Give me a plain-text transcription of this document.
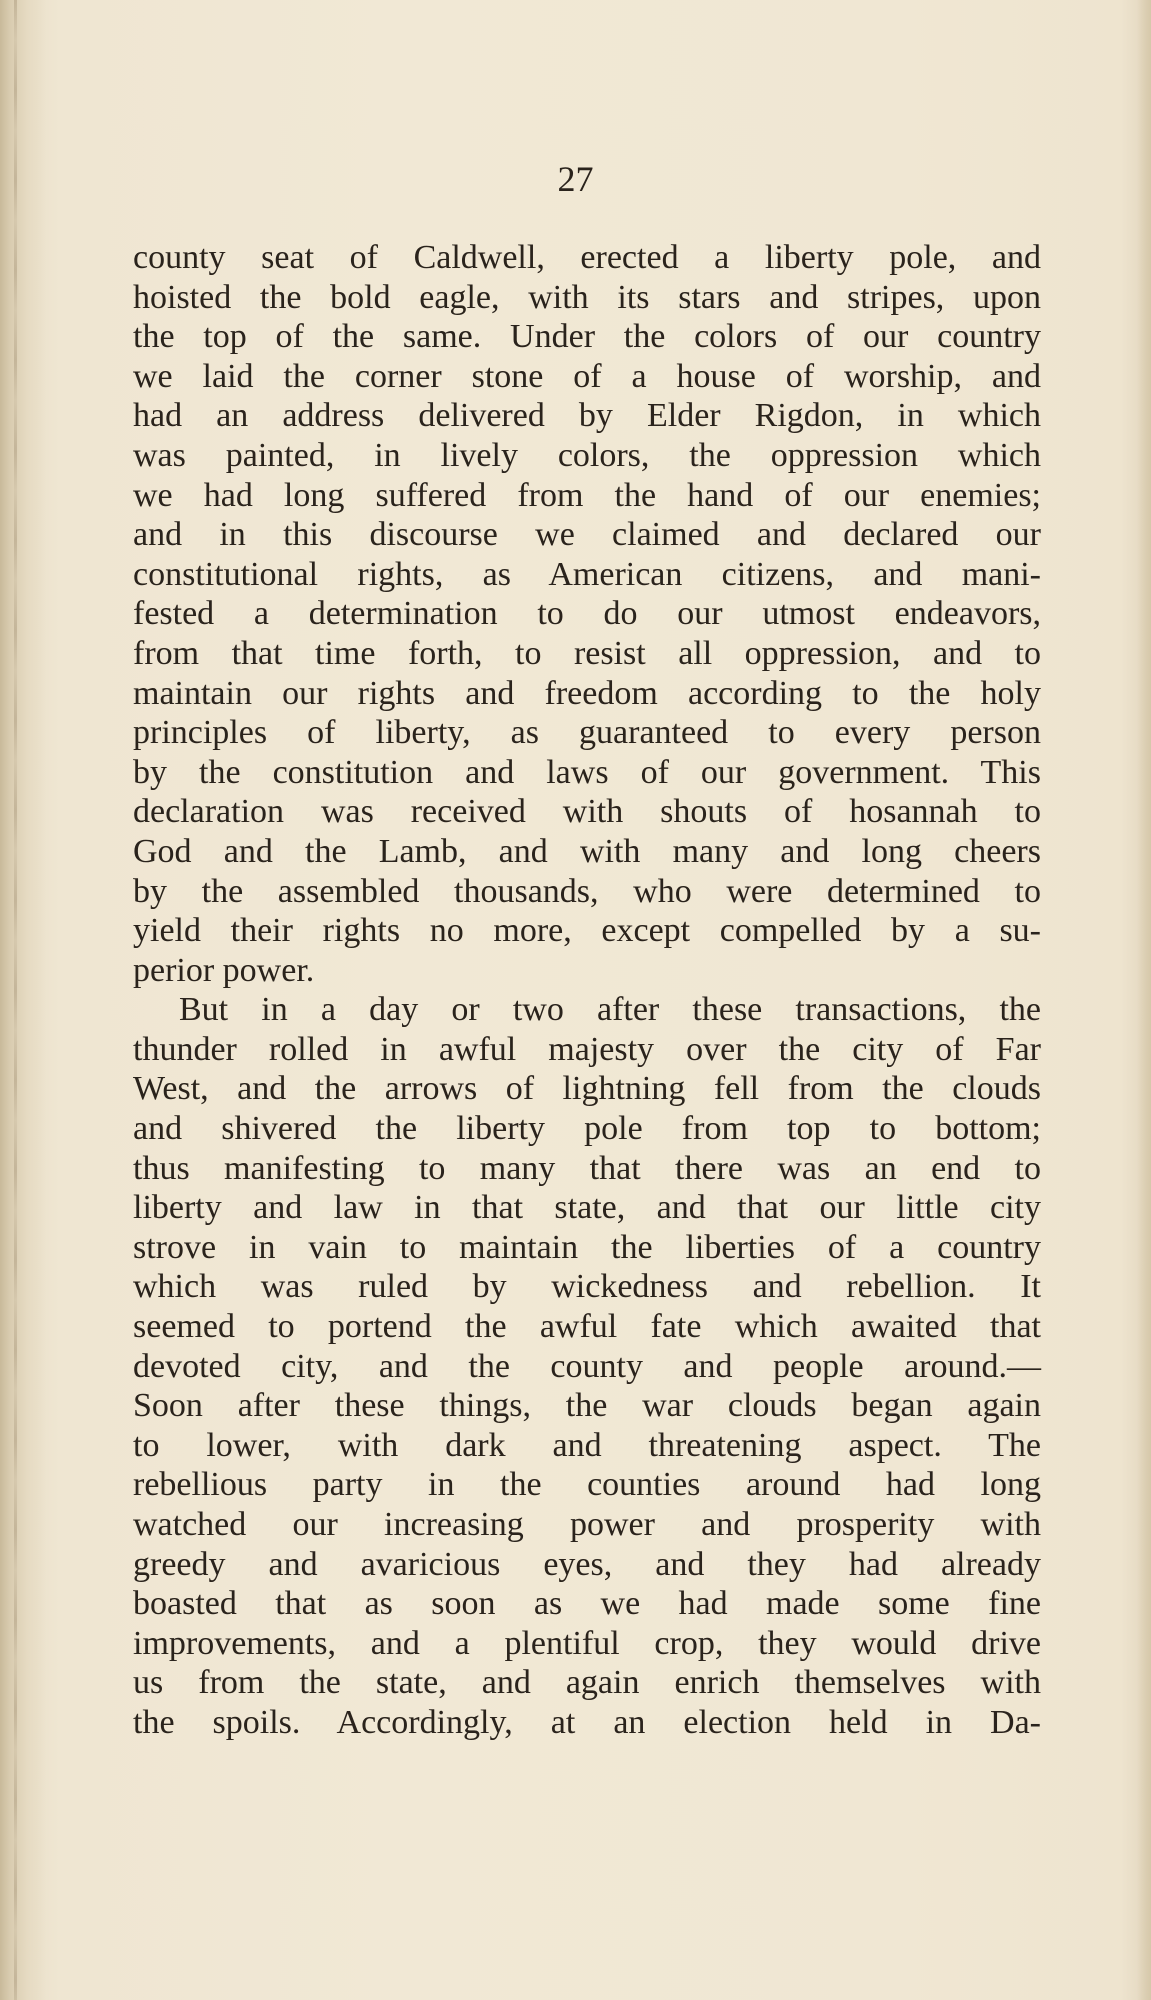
27

county seat of Caldwell, erected a liberty pole, and
hoisted the bold eagle, with its stars and stripes, upon
the top of the same. Under the colors of our country
we laid the corner stone of a house of worship, and
had an address delivered by Elder Rigdon, in which
was painted, in lively colors, the oppression which
we had long suffered from the hand of our enemies;
and in this discourse we claimed and declared our
constitutional rights, as American citizens, and mani-
fested a determination to do our utmost endeavors,
from that time forth, to resist all oppression, and to
maintain our rights and freedom according to the holy
principles of liberty, as guaranteed to every person
by the constitution and laws of our government. This
declaration was received with shouts of hosannah to
God and the Lamb, and with many and long cheers
by the assembled thousands, who were determined to
yield their rights no more, except compelled by a su-
perior power.
But in a day or two after these transactions, the
thunder rolled in awful majesty over the city of Far
West, and the arrows of lightning fell from the clouds
and shivered the liberty pole from top to bottom;
thus manifesting to many that there was an end to
liberty and law in that state, and that our little city
strove in vain to maintain the liberties of a country
which was ruled by wickedness and rebellion. It
seemed to portend the awful fate which awaited that
devoted city, and the county and people around.—
Soon after these things, the war clouds began again
to lower, with dark and threatening aspect. The
rebellious party in the counties around had long
watched our increasing power and prosperity with
greedy and avaricious eyes, and they had already
boasted that as soon as we had made some fine
improvements, and a plentiful crop, they would drive
us from the state, and again enrich themselves with
the spoils. Accordingly, at an election held in Da-
